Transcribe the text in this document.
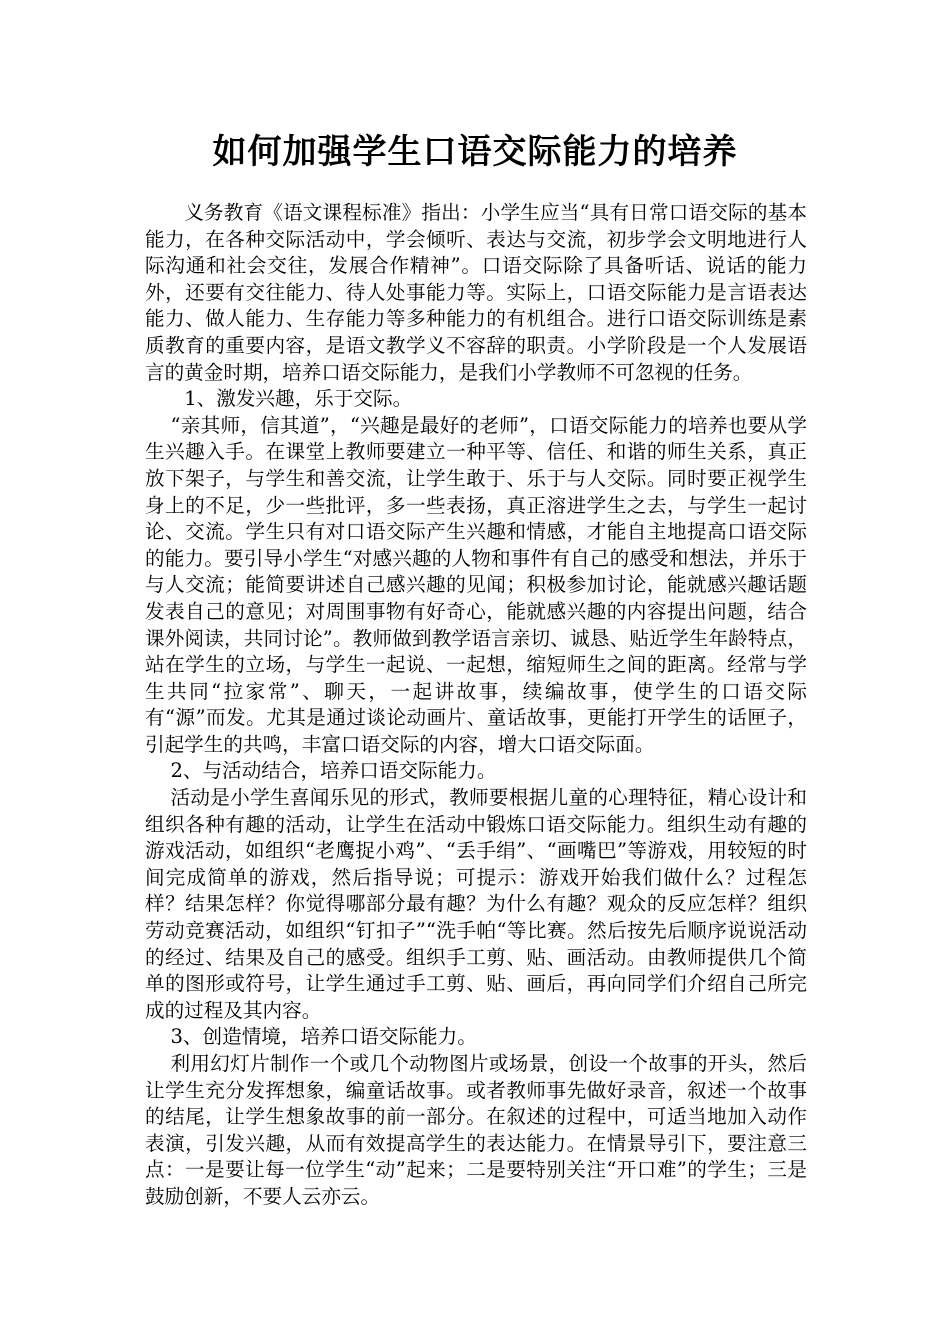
如何加强学生口语交际能力的培养

义务教育《语文课程标准》指出：小学生应当“具有日常口语交际的基本能力，在各种交际活动中，学会倾听、表达与交流，初步学会文明地进行人际沟通和社会交往，发展合作精神”。口语交际除了具备听话、说话的能力外，还要有交往能力、待人处事能力等。实际上，口语交际能力是言语表达能力、做人能力、生存能力等多种能力的有机组合。进行口语交际训练是素质教育的重要内容，是语文教学义不容辞的职责。小学阶段是一个人发展语言的黄金时期，培养口语交际能力，是我们小学教师不可忽视的任务。

1、激发兴趣，乐于交际。

“亲其师，信其道”，“兴趣是最好的老师”，口语交际能力的培养也要从学生兴趣入手。在课堂上教师要建立一种平等、信任、和谐的师生关系，真正放下架子，与学生和善交流，让学生敢于、乐于与人交际。同时要正视学生身上的不足，少一些批评，多一些表扬，真正溶进学生之去，与学生一起讨论、交流。学生只有对口语交际产生兴趣和情感，才能自主地提高口语交际的能力。要引导小学生“对感兴趣的人物和事件有自己的感受和想法，并乐于与人交流；能简要讲述自己感兴趣的见闻；积极参加讨论，能就感兴趣话题发表自己的意见；对周围事物有好奇心，能就感兴趣的内容提出问题，结合课外阅读，共同讨论”。教师做到教学语言亲切、诚恳、贴近学生年龄特点，站在学生的立场，与学生一起说、一起想，缩短师生之间的距离。经常与学生共同“拉家常”、聊天，一起讲故事，续编故事，使学生的口语交际有“源”而发。尤其是通过谈论动画片、童话故事，更能打开学生的话匣子，引起学生的共鸣，丰富口语交际的内容，增大口语交际面。

2、与活动结合，培养口语交际能力。

活动是小学生喜闻乐见的形式，教师要根据儿童的心理特征，精心设计和组织各种有趣的活动，让学生在活动中锻炼口语交际能力。组织生动有趣的游戏活动，如组织“老鹰捉小鸡”、“丢手绢”、“画嘴巴”等游戏，用较短的时间完成简单的游戏，然后指导说；可提示：游戏开始我们做什么？过程怎样？结果怎样？你觉得哪部分最有趣？为什么有趣？观众的反应怎样？组织劳动竞赛活动，如组织“钉扣子”“洗手帕“等比赛。然后按先后顺序说说活动的经过、结果及自己的感受。组织手工剪、贴、画活动。由教师提供几个简单的图形或符号，让学生通过手工剪、贴、画后，再向同学们介绍自己所完成的过程及其内容。

3、创造情境，培养口语交际能力。

利用幻灯片制作一个或几个动物图片或场景，创设一个故事的开头，然后让学生充分发挥想象，编童话故事。或者教师事先做好录音，叙述一个故事的结尾，让学生想象故事的前一部分。在叙述的过程中，可适当地加入动作表演，引发兴趣，从而有效提高学生的表达能力。在情景导引下，要注意三点：一是要让每一位学生“动”起来；二是要特别关注“开口难”的学生；三是鼓励创新，不要人云亦云。
